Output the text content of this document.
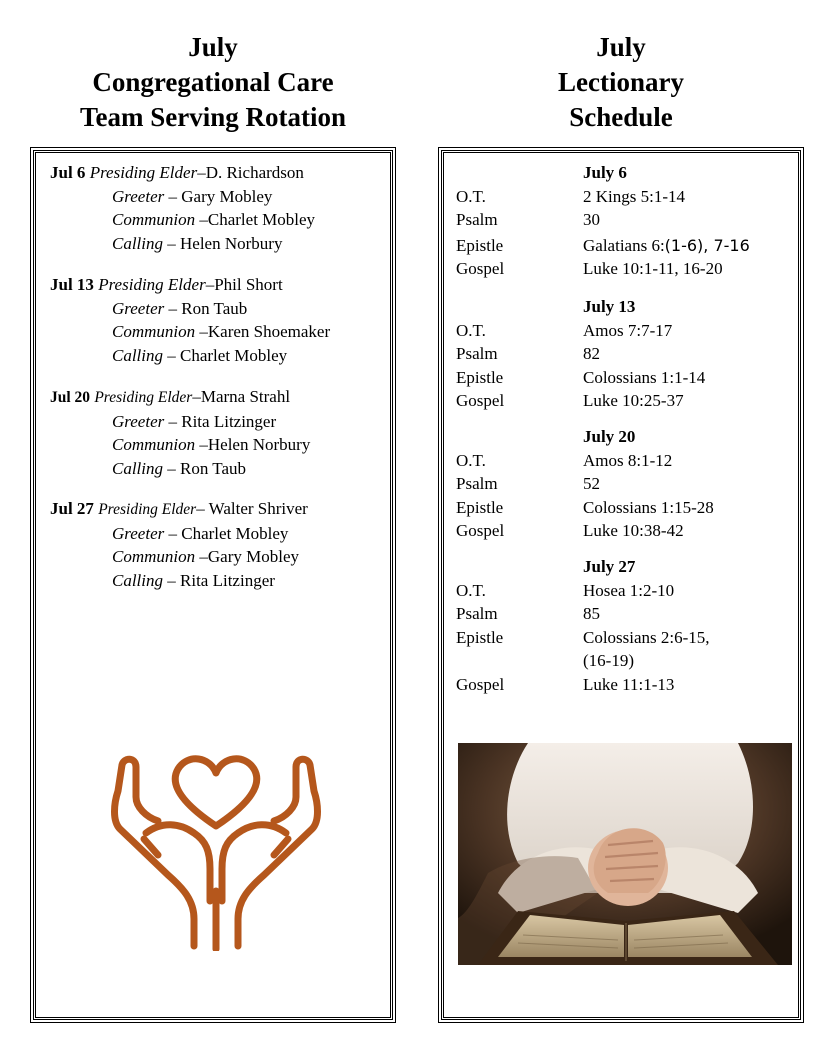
July
Congregational Care
Team Serving Rotation
July
Lectionary
Schedule
Jul 6 Presiding Elder–D. Richardson
Greeter – Gary Mobley
Communion –Charlet Mobley
Calling – Helen Norbury
Jul 13 Presiding Elder–Phil Short
Greeter – Ron Taub
Communion –Karen Shoemaker
Calling – Charlet Mobley
Jul 20 Presiding Elder–Marna Strahl
Greeter – Rita Litzinger
Communion –Helen Norbury
Calling – Ron Taub
Jul 27 Presiding Elder– Walter Shriver
Greeter – Charlet Mobley
Communion –Gary Mobley
Calling – Rita Litzinger
July 6
O.T.	2 Kings 5:1-14
Psalm	30
Epistle	Galatians 6:(1-6), 7-16
Gospel	Luke 10:1-11, 16-20
July 13
O.T.	Amos 7:7-17
Psalm	82
Epistle	Colossians 1:1-14
Gospel	Luke 10:25-37
July 20
O.T.	Amos 8:1-12
Psalm	52
Epistle	Colossians 1:15-28
Gospel	Luke 10:38-42
July 27
O.T.	Hosea 1:2-10
Psalm	85
Epistle	Colossians 2:6-15,
(16-19)
Gospel	Luke 11:1-13
